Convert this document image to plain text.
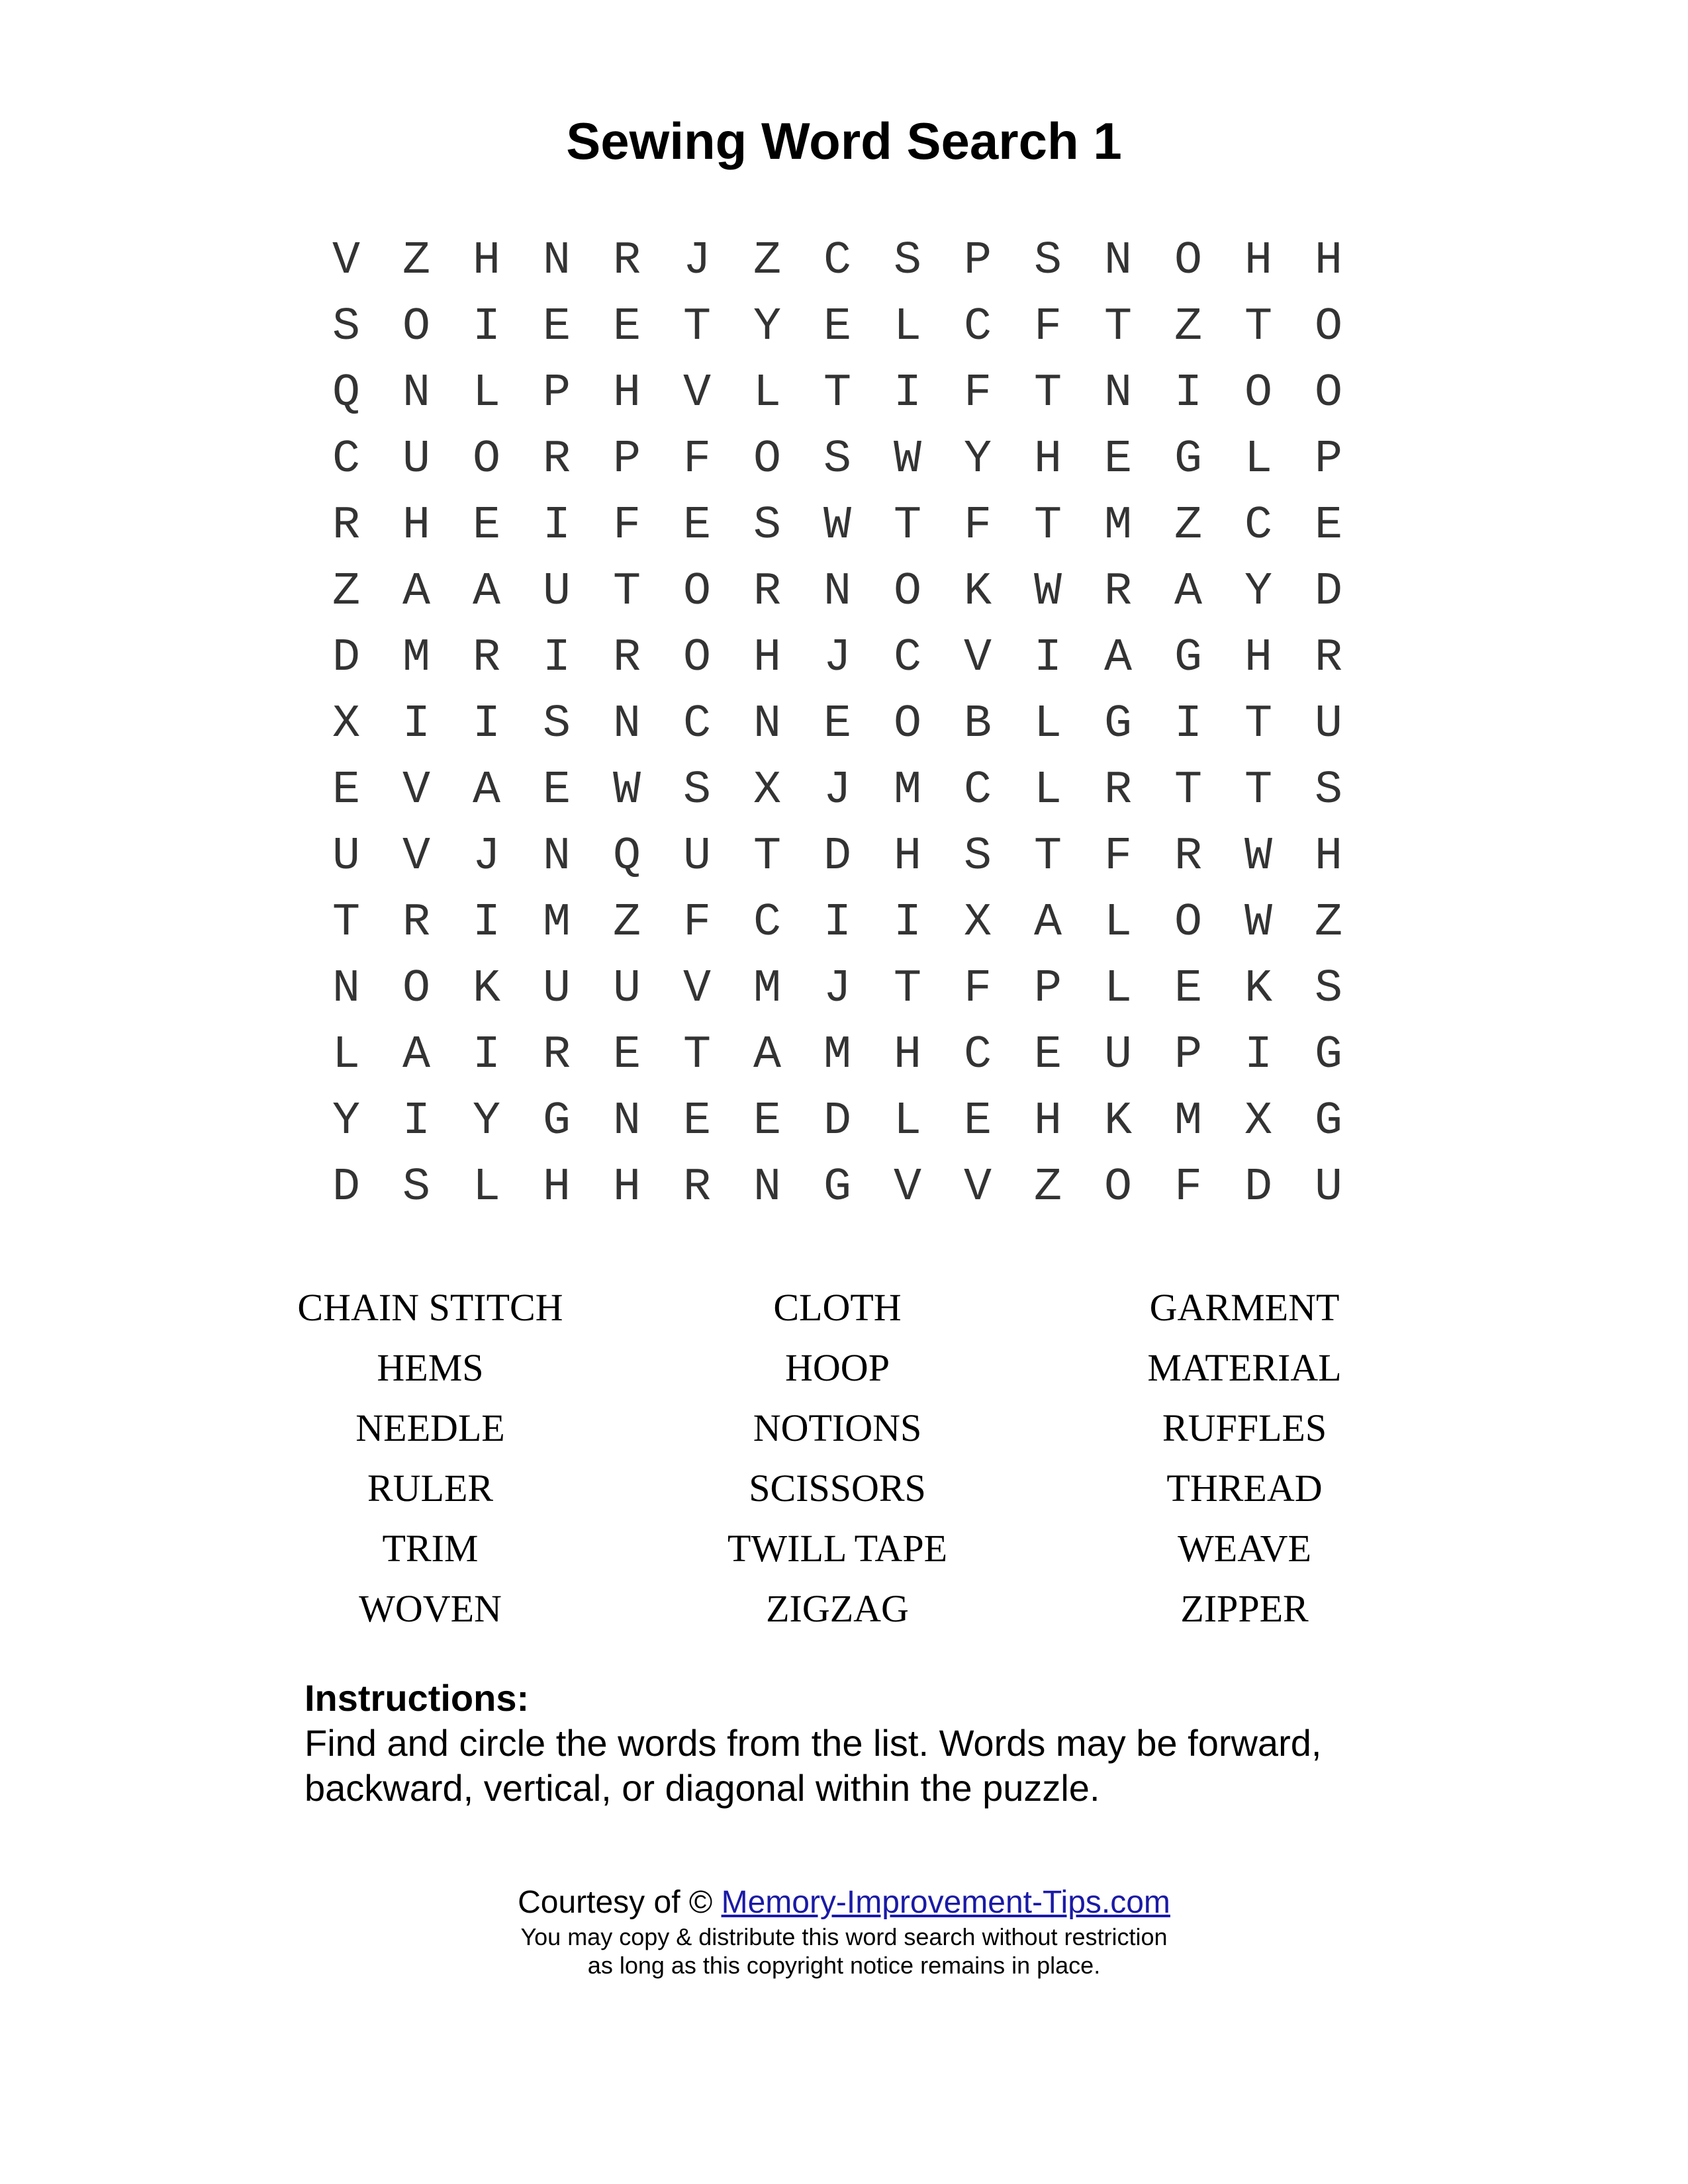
Sewing Word Search 1
V Z H N R J Z C S P S N O H H
S O I E E T Y E L C F T Z T O
Q N L P H V L T I F T N I O O
C U O R P F O S W Y H E G L P
R H E I F E S W T F T M Z C E
Z A A U T O R N O K W R A Y D
D M R I R O H J C V I A G H R
X I I S N C N E O B L G I T U
E V A E W S X J M C L R T T S
U V J N Q U T D H S T F R W H
T R I M Z F C I I X A L O W Z
N O K U U V M J T F P L E K S
L A I R E T A M H C E U P I G
Y I Y G N E E D L E H K M X G
D S L H H R N G V V Z O F D U
CHAIN STITCH	CLOTH	GARMENT
HEMS	HOOP	MATERIAL
NEEDLE	NOTIONS	RUFFLES
RULER	SCISSORS	THREAD
TRIM	TWILL TAPE	WEAVE
WOVEN	ZIGZAG	ZIPPER
Instructions:
Find and circle the words from the list. Words may be forward, backward, vertical, or diagonal within the puzzle.
Courtesy of © Memory-Improvement-Tips.com
You may copy & distribute this word search without restriction
as long as this copyright notice remains in place.
